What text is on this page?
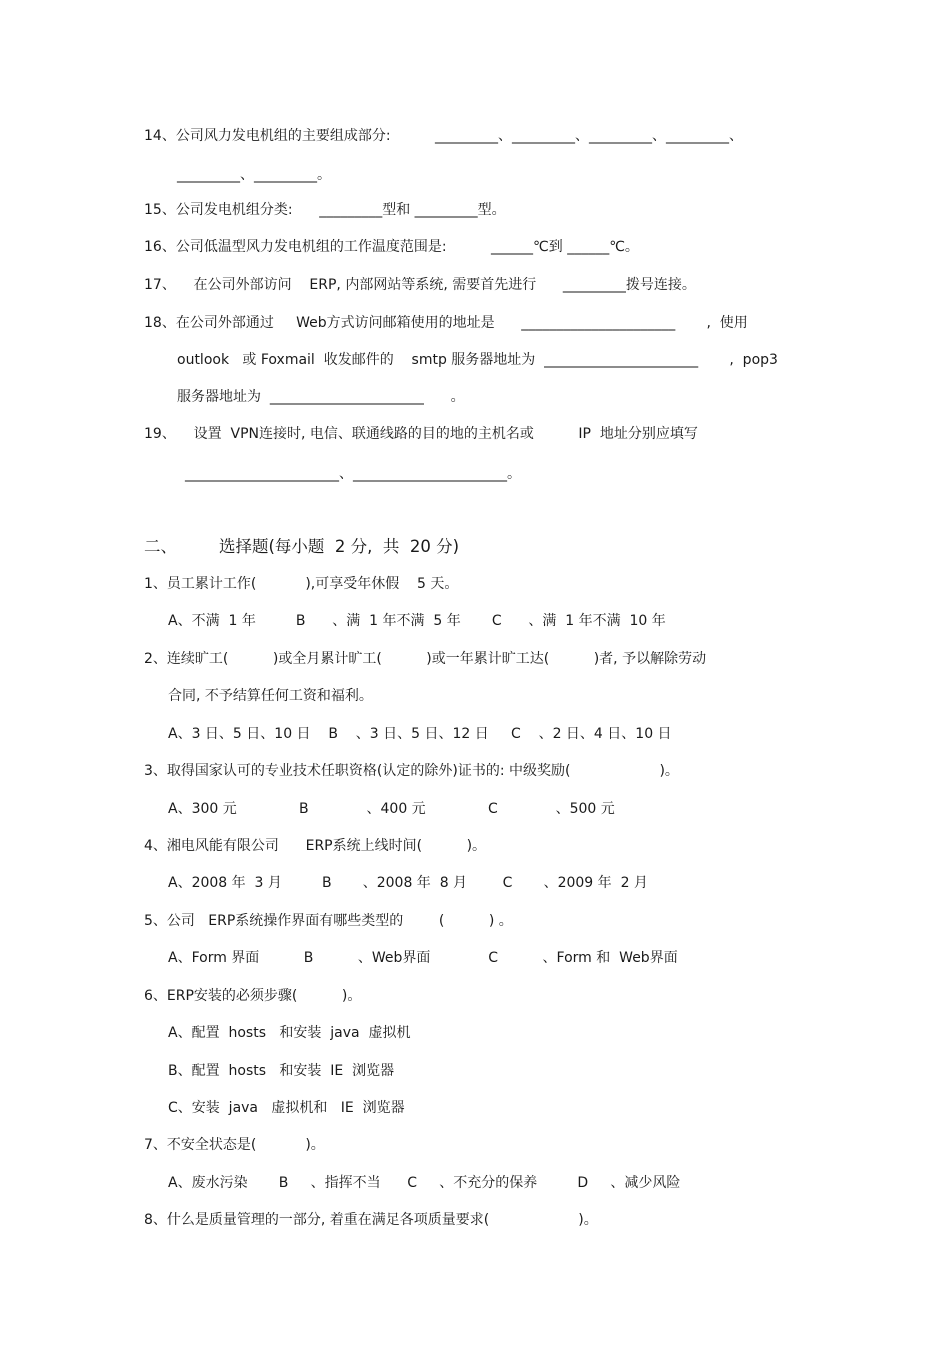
14、公司风力发电机组的主要组成部分:          _________、_________、_________、_________、
_________、_________。
15、公司发电机组分类:      _________型和 _________型。
16、公司低温型风力发电机组的工作温度范围是:          ______℃到 ______℃。
17、    在公司外部访问    ERP, 内部网站等系统, 需要首先进行      _________拨号连接。
18、在公司外部通过     Web方式访问邮箱使用的地址是      ______________________       ,  使用
outlook   或 Foxmail  收发邮件的    smtp 服务器地址为  ______________________       ,  pop3
服务器地址为  ______________________      。
19、    设置  VPN连接时, 电信、联通线路的目的地的主机名或          IP  地址分别应填写
______________________、______________________。
二、        选择题(每小题  2 分,  共  20 分)
1、员工累计工作(           ),可享受年休假    5 天。
A、不满  1 年         B      、满  1 年不满  5 年       C      、满  1 年不满  10 年
2、连续旷工(          )或全月累计旷工(          )或一年累计旷工达(          )者, 予以解除劳动
合同, 不予结算任何工资和福利。
A、3 日、5 日、10 日    B    、3 日、5 日、12 日     C    、2 日、4 日、10 日
3、取得国家认可的专业技术任职资格(认定的除外)证书的: 中级奖励(                    )。
A、300 元              B             、400 元              C             、500 元
4、湘电风能有限公司      ERP系统上线时间(          )。
A、2008 年  3 月         B       、2008 年  8 月        C       、2009 年  2 月
5、公司   ERP系统操作界面有哪些类型的        (          ) 。
A、Form 界面          B          、Web界面             C          、Form 和  Web界面
6、ERP安装的必须步骤(          )。
A、配置  hosts   和安装  java  虚拟机
B、配置  hosts   和安装  IE  浏览器
C、安装  java   虚拟机和   IE  浏览器
7、不安全状态是(           )。
A、废水污染       B     、指挥不当      C     、不充分的保养         D     、减少风险
8、什么是质量管理的一部分, 着重在满足各项质量要求(                    )。
